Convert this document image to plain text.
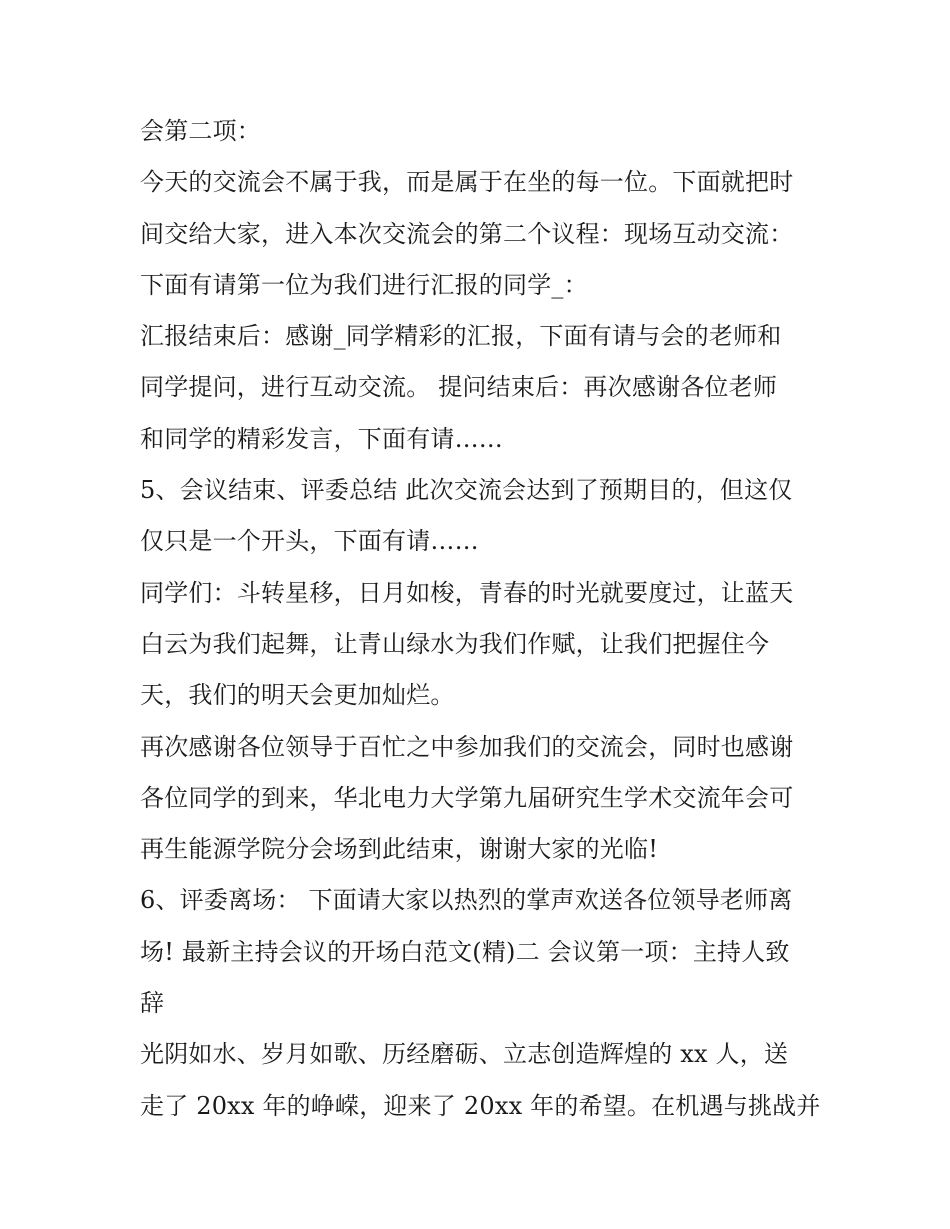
会第二项：
今天的交流会不属于我，而是属于在坐的每一位。下面就把时
间交给大家，进入本次交流会的第二个议程：现场互动交流：
下面有请第一位为我们进行汇报的同学_：
汇报结束后：感谢_同学精彩的汇报，下面有请与会的老师和
同学提问，进行互动交流。 提问结束后：再次感谢各位老师
和同学的精彩发言，下面有请……
5、会议结束、评委总结 此次交流会达到了预期目的，但这仅
仅只是一个开头，下面有请……
同学们：斗转星移，日月如梭，青春的时光就要度过，让蓝天
白云为我们起舞，让青山绿水为我们作赋，让我们把握住今
天，我们的明天会更加灿烂。
再次感谢各位领导于百忙之中参加我们的交流会，同时也感谢
各位同学的到来，华北电力大学第九届研究生学术交流年会可
再生能源学院分会场到此结束，谢谢大家的光临!
6、评委离场： 下面请大家以热烈的掌声欢送各位领导老师离
场! 最新主持会议的开场白范文(精)二 会议第一项：主持人致
辞
光阴如水、岁月如歌、历经磨砺、立志创造辉煌的 xx 人，送
走了 20xx 年的峥嵘，迎来了 20xx 年的希望。在机遇与挑战并
